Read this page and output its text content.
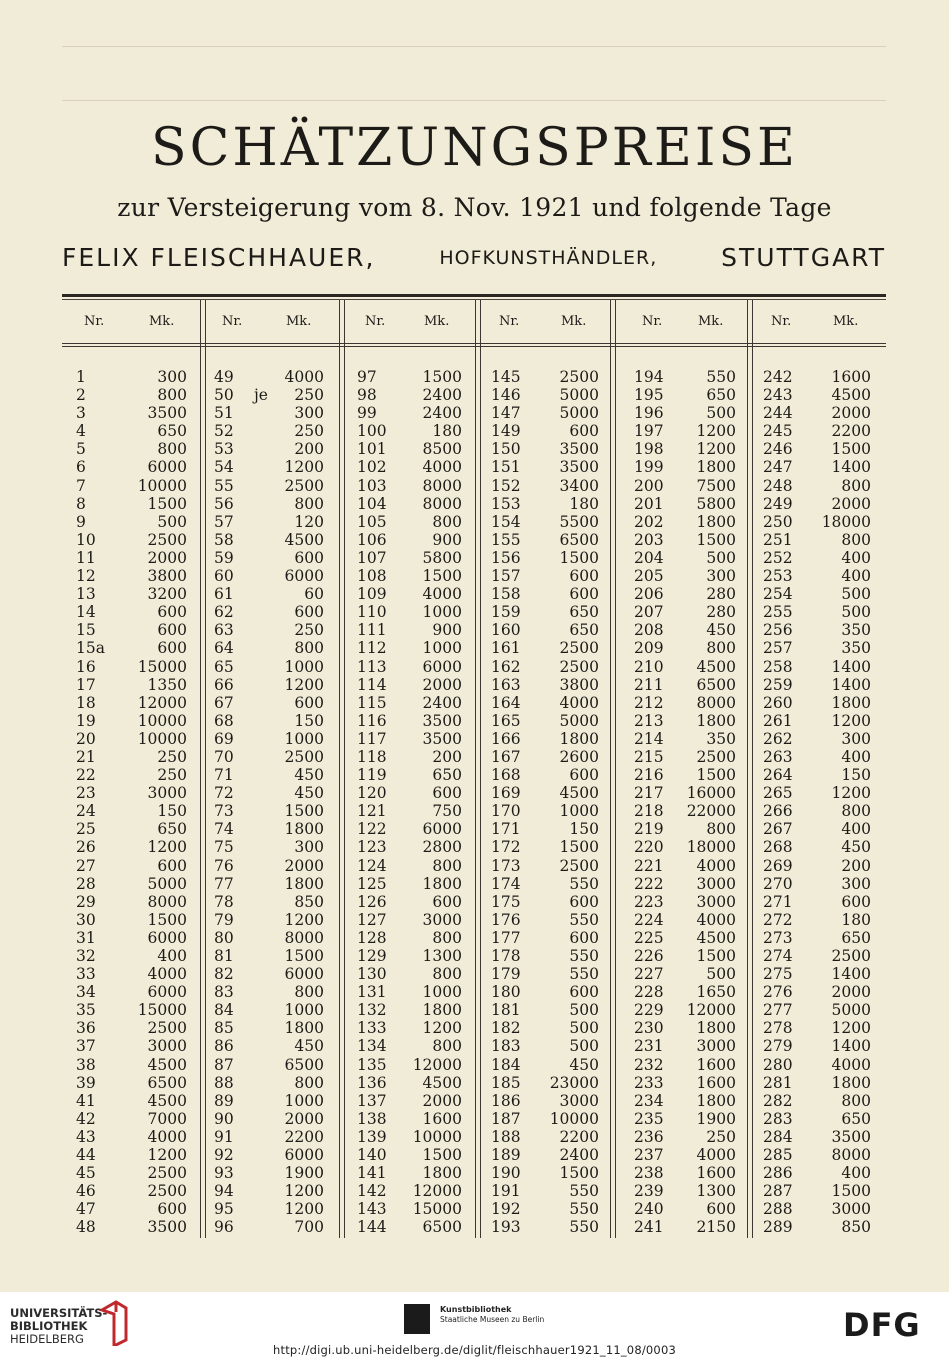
SCHÄTZUNGSPREISE
zur Versteigerung vom 8. Nov. 1921 und folgende Tage
FELIX FLEISCHHAUER,	HOFKUNSTHÄNDLER,	STUTTGART
Nr.	Mk.
1	300
2	800
3	3500
4	650
5	800
6	6000
7	10000
8	1500
9	500
10	2500
11	2000
12	3800
13	3200
14	600
15	600
15a	600
16	15000
17	1350
18	12000
19	10000
20	10000
21	250
22	250
23	3000
24	150
25	650
26	1200
27	600
28	5000
29	8000
30	1500
31	6000
32	400
33	4000
34	6000
35	15000
36	2500
37	3000
38	4500
39	6500
41	4500
42	7000
43	4000
44	1200
45	2500
46	2500
47	600
48	3500
Nr.	Mk.
49	4000
50 je 250
51	300
52	250
53	200
54	1200
55	2500
56	800
57	120
58	4500
59	600
60	6000
61	60
62	600
63	250
64	800
65	1000
66	1200
67	600
68	150
69	1000
70	2500
71	450
72	450
73	1500
74	1800
75	300
76	2000
77	1800
78	850
79	1200
80	8000
81	1500
82	6000
83	800
84	1000
85	1800
86	450
87	6500
88	800
89	1000
90	2000
91	2200
92	6000
93	1900
94	1200
95	1200
96	700
Nr.	Mk.
97	1500
98	2400
99	2400
100	180
101 8500
102 4000
103 8000
104 8000
105	800
106	900
107 5800
108 1500
109 4000
110 1000
111	900
112 1000
113 6000
114 2000
115 2400
116 3500
117 3500
118	200
119	650
120	600
121	750
122 6000
123 2800
124	800
125 1800
126	600
127 3000
128	800
129 1300
130	800
131 1000
132 1800
133 1200
134	800
135 12000
136 4500
137 2000
138 1600
139 10000
140 1500
141 1800
142 12000
143 15000
144 6500
Nr.	Mk.
145	2500
146	5000
147	5000
149	600
150	3500
151	3500
152	3400
153	180
154	5500
155	6500
156	1500
157	600
158	600
159	650
160	650
161	2500
162	2500
163	3800
164	4000
165	5000
166	1800
167	2600
168	600
169	4500
170	1000
171	150
172	1500
173	2500
174	550
175	600
176	550
177	600
178	550
179	550
180	600
181	500
182	500
183	500
184	450
185 23000
186	3000
187 10000
188	2200
189	2400
190	1500
191	550
192	550
193	550
Nr.	Mk.
194	550
195	650
196	500
197 1200
198 1200
199 1800
200 7500
201 5800
202 1800
203 1500
204	500
205	300
206	280
207	280
208	450
209	800
210 4500
211 6500
212 8000
213 1800
214	350
215 2500
216 1500
217 16000
218 22000
219	800
220 18000
221 4000
222 3000
223 3000
224 4000
225 4500
226 1500
227	500
228 1650
229 12000
230 1800
231 3000
232 1600
233 1600
234 1800
235 1900
236	250
237 4000
238 1600
239 1300
240	600
241 2150
Nr.	Mk.
242	1600
243	4500
244	2000
245	2200
246	1500
247	1400
248	800
249	2000
250 18000
251	800
252	400
253	400
254	500
255	500
256	350
257	350
258	1400
259	1400
260	1800
261	1200
262	300
263	400
264	150
265	1200
266	800
267	400
268	450
269	200
270	300
271	600
272	180
273	650
274	2500
275	1400
276	2000
277	5000
278	1200
279	1400
280	4000
281	1800
282	800
283	650
284	3500
285	8000
286	400
287	1500
288	3000
289	850
UNIVERSITÄTS-
BIBLIOTHEK
HEIDELBERG
Kunstbibliothek
Staatliche Museen zu Berlin	DFG
http://digi.ub.uni-heidelberg.de/diglit/fleischhauer1921_11_08/0003
